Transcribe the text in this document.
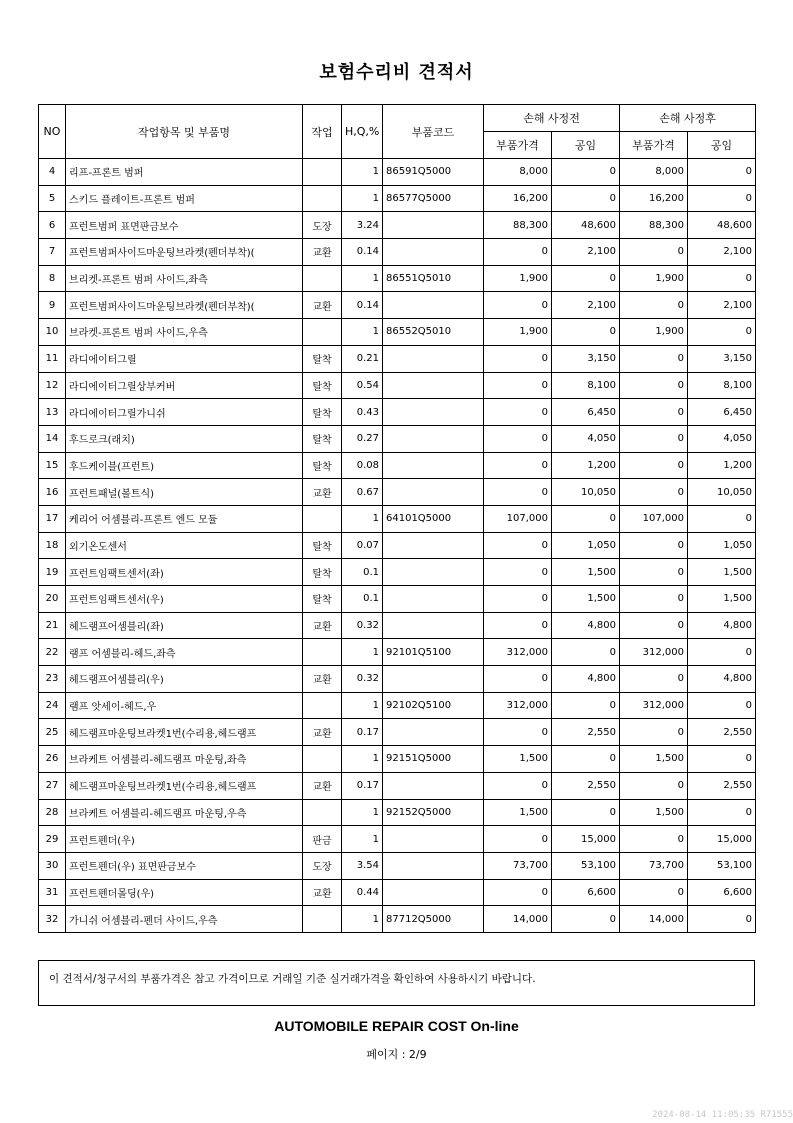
보험수리비 견적서
NO	작업항목 및 부품명	작업	H,Q,%	부품코드	손해 사정전		손해 사정후	
					부품가격	공임	부품가격	공임
4	리프-프론트 범퍼		1	86591Q5000	8,000	0	8,000	0
5	스키드 플레이트-프론트 범퍼		1	86577Q5000	16,200	0	16,200	0
6	프런트범퍼 표면판금보수	도장	3.24		88,300	48,600	88,300	48,600
7	프런트범퍼사이드마운팅브라켓(펜더부착)(	교환	0.14		0	2,100	0	2,100
8	브리켓-프론트 범퍼 사이드,좌측		1	86551Q5010	1,900	0	1,900	0
9	프런트범퍼사이드마운팅브라켓(펜더부착)(	교환	0.14		0	2,100	0	2,100
10	브라켓-프론트 범퍼 사이드,우측		1	86552Q5010	1,900	0	1,900	0
11	라디에이터그릴	탈착	0.21		0	3,150	0	3,150
12	라디에이터그릴상부커버	탈착	0.54		0	8,100	0	8,100
13	라디에이터그릴가니쉬	탈착	0.43		0	6,450	0	6,450
14	후드로크(래치)	탈착	0.27		0	4,050	0	4,050
15	후드케이블(프런트)	탈착	0.08		0	1,200	0	1,200
16	프런트패널(볼트식)	교환	0.67		0	10,050	0	10,050
17	케리어 어셈블리-프론트 엔드 모듈		1	64101Q5000	107,000	0	107,000	0
18	외기온도센서	탈착	0.07		0	1,050	0	1,050
19	프런트임팩트센서(좌)	탈착	0.1		0	1,500	0	1,500
20	프런트임팩트센서(우)	탈착	0.1		0	1,500	0	1,500
21	헤드램프어셈블리(좌)	교환	0.32		0	4,800	0	4,800
22	램프 어셈블리-헤드,좌측		1	92101Q5100	312,000	0	312,000	0
23	헤드램프어셈블리(우)	교환	0.32		0	4,800	0	4,800
24	램프 앗세이-헤드,우		1	92102Q5100	312,000	0	312,000	0
25	헤드램프마운팅브라켓1번(수리용,헤드램프	교환	0.17		0	2,550	0	2,550
26	브라케트 어셈블리-헤드램프 마운팅,좌측		1	92151Q5000	1,500	0	1,500	0
27	헤드램프마운팅브라켓1번(수리용,헤드램프	교환	0.17		0	2,550	0	2,550
28	브라케트 어셈블리-헤드램프 마운팅,우측		1	92152Q5000	1,500	0	1,500	0
29	프런트펜더(우)	판금	1		0	15,000	0	15,000
30	프런트펜더(우) 표면판금보수	도장	3.54		73,700	53,100	73,700	53,100
31	프런트펜더몰딩(우)	교환	0.44		0	6,600	0	6,600
32	가니쉬 어셈블리-펜더 사이드,우측		1	87712Q5000	14,000	0	14,000	0
이 견적서/청구서의 부품가격은 참고 가격이므로 거래일 기준 실거래가격을 확인하여 사용하시기 바랍니다.
AUTOMOBILE REPAIR COST On-line
페이지 : 2/9
2024-08-14 11:05:35 R71555
